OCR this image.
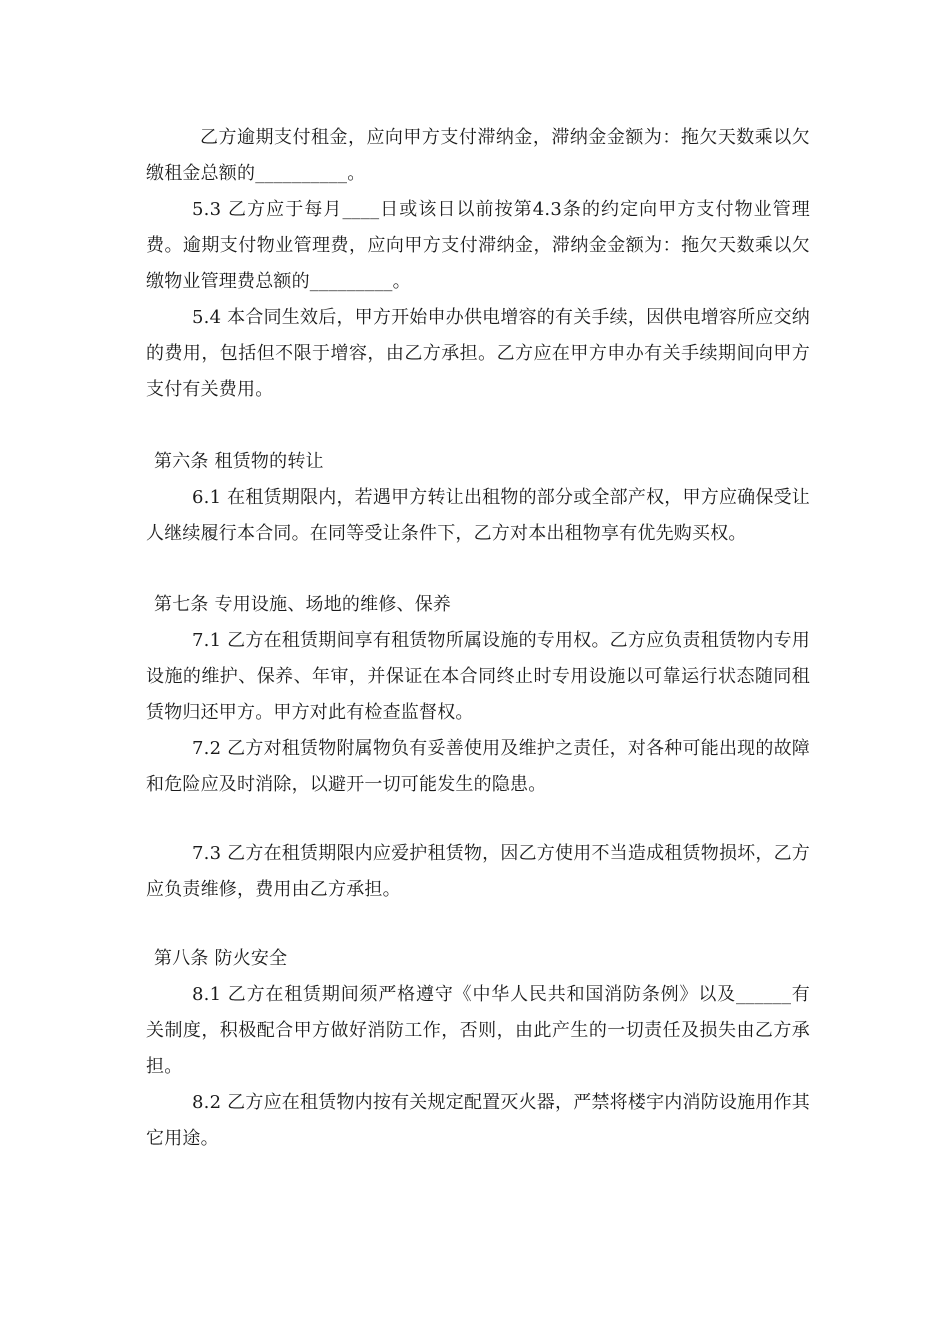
乙方逾期支付租金，应向甲方支付滞纳金，滞纳金金额为：拖欠天数乘以欠缴租金总额的__________。

5.3 乙方应于每月____日或该日以前按第4.3条的约定向甲方支付物业管理费。逾期支付物业管理费，应向甲方支付滞纳金，滞纳金金额为：拖欠天数乘以欠缴物业管理费总额的_________。

5.4 本合同生效后，甲方开始申办供电增容的有关手续，因供电增容所应交纳的费用，包括但不限于增容，由乙方承担。乙方应在甲方申办有关手续期间向甲方支付有关费用。

第六条 租赁物的转让

6.1 在租赁期限内，若遇甲方转让出租物的部分或全部产权，甲方应确保受让人继续履行本合同。在同等受让条件下，乙方对本出租物享有优先购买权。

第七条 专用设施、场地的维修、保养

7.1 乙方在租赁期间享有租赁物所属设施的专用权。乙方应负责租赁物内专用设施的维护、保养、年审，并保证在本合同终止时专用设施以可靠运行状态随同租赁物归还甲方。甲方对此有检查监督权。

7.2 乙方对租赁物附属物负有妥善使用及维护之责任，对各种可能出现的故障和危险应及时消除，以避开一切可能发生的隐患。

7.3 乙方在租赁期限内应爱护租赁物，因乙方使用不当造成租赁物损坏，乙方应负责维修，费用由乙方承担。

第八条 防火安全

8.1 乙方在租赁期间须严格遵守《中华人民共和国消防条例》以及______有关制度，积极配合甲方做好消防工作，否则，由此产生的一切责任及损失由乙方承担。

8.2 乙方应在租赁物内按有关规定配置灭火器，严禁将楼宇内消防设施用作其它用途。
